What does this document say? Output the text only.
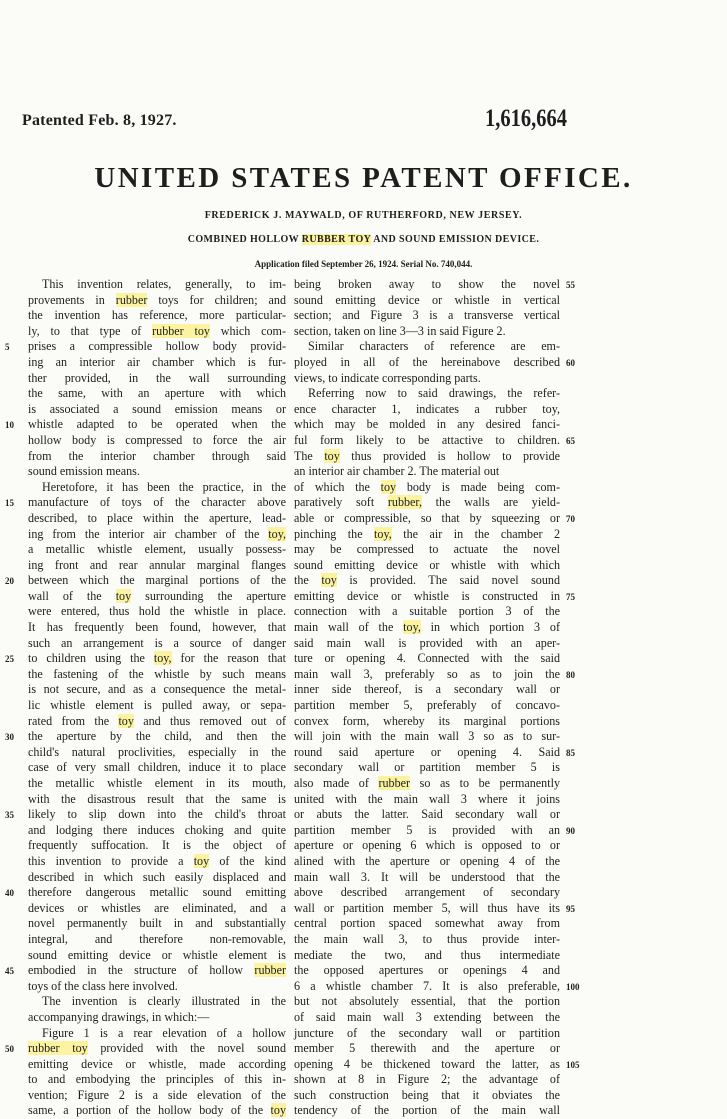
Patented Feb. 8, 1927.	1,616,664
UNITED STATES PATENT OFFICE.
FREDERICK J. MAYWALD, OF RUTHERFORD, NEW JERSEY.
COMBINED HOLLOW RUBBER TOY AND SOUND EMISSION DEVICE.
Application filed September 26, 1924. Serial No. 740,044.
This invention relates, generally, to im-
provements in rubber toys for children; and
the invention has reference, more particular-
ly, to that type of rubber toy which com-
prises a compressible hollow body provid-
ing an interior air chamber which is fur-
ther provided, in the wall surrounding
the same, with an aperture with which
is associated a sound emission means or
whistle adapted to be operated when the
hollow body is compressed to force the air
from the interior chamber through said
sound emission means.
Heretofore, it has been the practice, in the
manufacture of toys of the character above
described, to place within the aperture, lead-
ing from the interior air chamber of the toy,
a metallic whistle element, usually possess-
ing front and rear annular marginal flanges
between which the marginal portions of the
wall of the toy surrounding the aperture
were entered, thus hold the whistle in place.
It has frequently been found, however, that
such an arrangement is a source of danger
to children using the toy, for the reason that
the fastening of the whistle by such means
is not secure, and as a consequence the metal-
lic whistle element is pulled away, or sepa-
rated from the toy and thus removed out of
the aperture by the child, and then the
child's natural proclivities, especially in the
case of very small children, induce it to place
the metallic whistle element in its mouth,
with the disastrous result that the same is
likely to slip down into the child's throat
and lodging there induces choking and quite
frequently suffocation. It is the object of
this invention to provide a toy of the kind
described in which such easily displaced and
therefore dangerous metallic sound emitting
devices or whistles are eliminated, and a
novel permanently built in and substantially
integral, and therefore non-removable,
sound emitting device or whistle element is
embodied in the structure of hollow rubber
toys of the class here involved.
The invention is clearly illustrated in the
accompanying drawings, in which:—
Figure 1 is a rear elevation of a hollow
rubber toy provided with the novel sound
emitting device or whistle, made according
to and embodying the principles of this in-
vention; Figure 2 is a side elevation of the
same, a portion of the hollow body of the toy
being broken away to show the novel
sound emitting device or whistle in vertical
section; and Figure 3 is a transverse vertical
section, taken on line 3—3 in said Figure 2.
Similar characters of reference are em-
ployed in all of the hereinabove described
views, to indicate corresponding parts.
Referring now to said drawings, the refer-
ence character 1, indicates a rubber toy,
which may be molded in any desired fanci-
ful form likely to be attactive to children.
The toy thus provided is hollow to provide
an interior air chamber 2. The material out
of which the toy body is made being com-
paratively soft rubber, the walls are yield-
able or compressible, so that by squeezing or
pinching the toy, the air in the chamber 2
may be compressed to actuate the novel
sound emitting device or whistle with which
the toy is provided. The said novel sound
emitting device or whistle is constructed in
connection with a suitable portion 3 of the
main wall of the toy, in which portion 3 of
said main wall is provided with an aper-
ture or opening 4. Connected with the said
main wall 3, preferably so as to join the
inner side thereof, is a secondary wall or
partition member 5, preferably of concavo-
convex form, whereby its marginal portions
will join with the main wall 3 so as to sur-
round said aperture or opening 4. Said
secondary wall or partition member 5 is
also made of rubber so as to be permanently
united with the main wall 3 where it joins
or abuts the latter. Said secondary wall or
partition member 5 is provided with an
aperture or opening 6 which is opposed to or
alined with the aperture or opening 4 of the
main wall 3. It will be understood that the
above described arrangement of secondary
wall or partition member 5, will thus have its
central portion spaced somewhat away from
the main wall 3, to thus provide inter-
mediate the two, and thus intermediate
the opposed apertures or openings 4 and
6 a whistle chamber 7. It is also preferable,
but not absolutely essential, that the portion
of said main wall 3 extending between the
juncture of the secondary wall or partition
member 5 therewith and the aperture or
opening 4 be thickened toward the latter, as
shown at 8 in Figure 2; the advantage of
such construction being that it obviates the
tendency of the portion of the main wall
5
10
15
20
25
30
35
40
45
50
55
60
65
70
75
80
85
90
95
100
105
